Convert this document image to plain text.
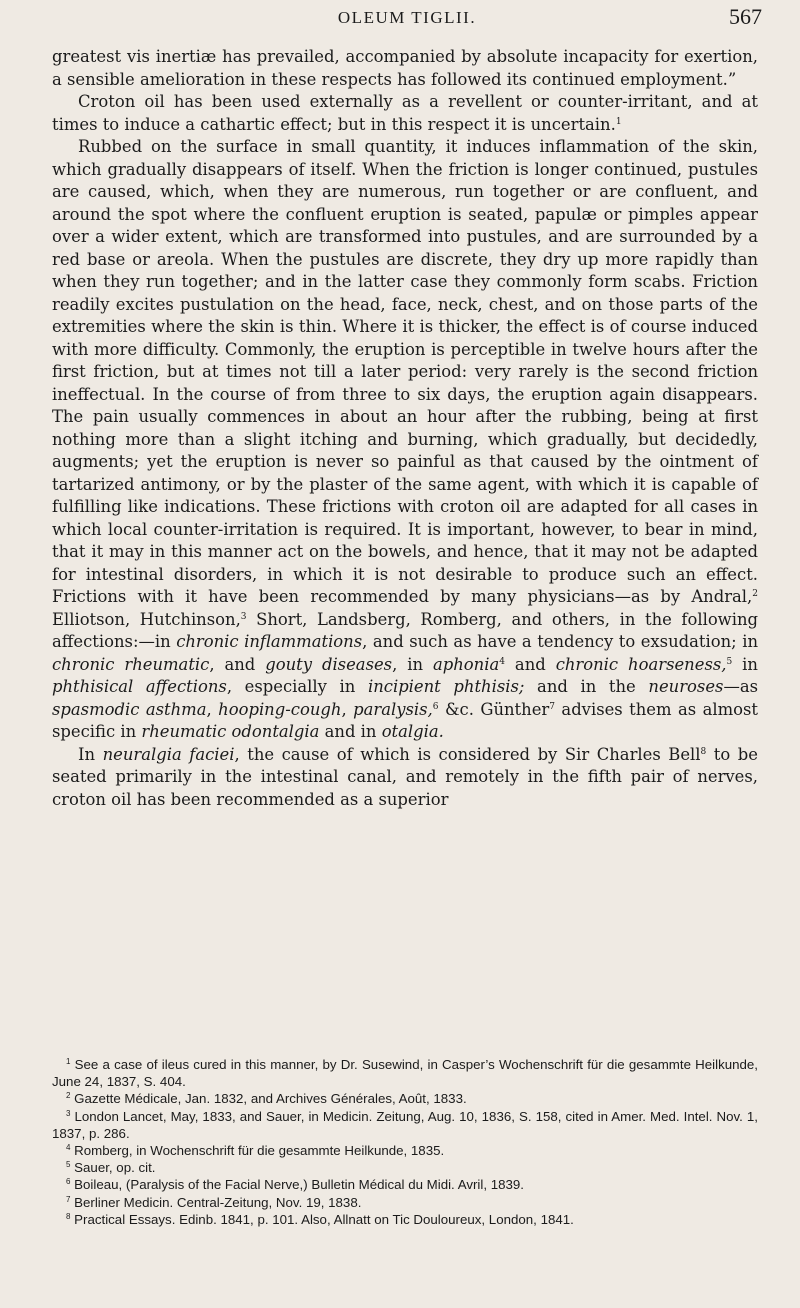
OLEUM TIGLII.	567

greatest vis inertiæ has prevailed, accompanied by absolute incapacity for exertion, a sensible amelioration in these respects has followed its continued employment.”

Croton oil has been used externally as a revellent or counter-irritant, and at times to induce a cathartic effect; but in this respect it is uncertain.$^1$

Rubbed on the surface in small quantity, it induces inflammation of the skin, which gradually disappears of itself. When the friction is longer continued, pustules are caused, which, when they are numerous, run together or are confluent, and around the spot where the confluent eruption is seated, papulæ or pimples appear over a wider extent, which are transformed into pustules, and are surrounded by a red base or areola. When the pustules are discrete, they dry up more rapidly than when they run together; and in the latter case they commonly form scabs. Friction readily excites pustulation on the head, face, neck, chest, and on those parts of the extremities where the skin is thin. Where it is thicker, the effect is of course induced with more difficulty. Commonly, the eruption is perceptible in twelve hours after the first friction, but at times not till a later period: very rarely is the second friction ineffectual. In the course of from three to six days, the eruption again disappears. The pain usually commences in about an hour after the rubbing, being at first nothing more than a slight itching and burning, which gradually, but decidedly, augments; yet the eruption is never so painful as that caused by the ointment of tartarized antimony, or by the plaster of the same agent, with which it is capable of fulfilling like indications. These frictions with croton oil are adapted for all cases in which local counter-irritation is required. It is important, however, to bear in mind, that it may in this manner act on the bowels, and hence, that it may not be adapted for intestinal disorders, in which it is not desirable to produce such an effect. Frictions with it have been recommended by many physicians—as by Andral,$^2$ Elliotson, Hutchinson,$^3$ Short, Landsberg, Romberg, and others, in the following affections:—in chronic inflammations, and such as have a tendency to exsudation; in chronic rheumatic, and gouty diseases, in aphonia$^4$ and chronic hoarseness,$^5$ in phthisical affections, especially in incipient phthisis; and in the neuroses—as spasmodic asthma, hooping-cough, paralysis,$^6$ &c. Günther$^7$ advises them as almost specific in rheumatic odontalgia and in otalgia.

In neuralgia faciei, the cause of which is considered by Sir Charles Bell$^8$ to be seated primarily in the intestinal canal, and remotely in the fifth pair of nerves, croton oil has been recommended as a superior

$^1$ See a case of ileus cured in this manner, by Dr. Susewind, in Casper’s Wochenschrift für die gesammte Heilkunde, June 24, 1837, S. 404.

$^2$ Gazette Médicale, Jan. 1832, and Archives Générales, Août, 1833.

$^3$ London Lancet, May, 1833, and Sauer, in Medicin. Zeitung, Aug. 10, 1836, S. 158, cited in Amer. Med. Intel. Nov. 1, 1837, p. 286.

$^4$ Romberg, in Wochenschrift für die gesammte Heilkunde, 1835.

$^5$ Sauer, op. cit.

$^6$ Boileau, (Paralysis of the Facial Nerve,) Bulletin Médical du Midi. Avril, 1839.

$^7$ Berliner Medicin. Central-Zeitung, Nov. 19, 1838.

$^8$ Practical Essays. Edinb. 1841, p. 101. Also, Allnatt on Tic Douloureux, London, 1841.
